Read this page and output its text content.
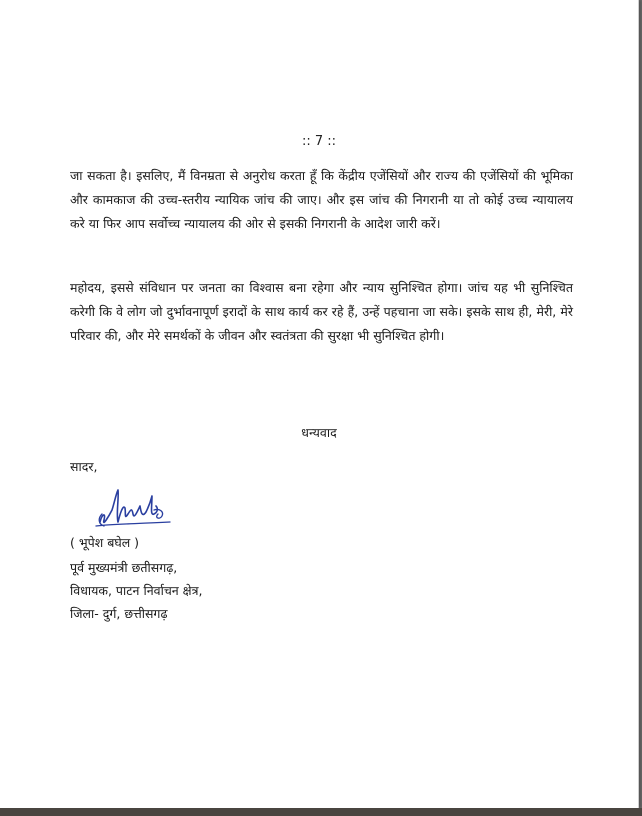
:: 7 ::

जा सकता है। इसलिए, मैं विनम्रता से अनुरोध करता हूँ कि केंद्रीय एजेंसियों और राज्य की एजेंसियों की भूमिका और कामकाज की उच्च-स्तरीय न्यायिक जांच की जाए। और इस जांच की निगरानी या तो कोई उच्च न्यायालय करे या फिर आप सर्वोच्च न्यायालय की ओर से इसकी निगरानी के आदेश जारी करें।

महोदय, इससे संविधान पर जनता का विश्वास बना रहेगा और न्याय सुनिश्चित होगा। जांच यह भी सुनिश्चित करेगी कि वे लोग जो दुर्भावनापूर्ण इरादों के साथ कार्य कर रहे हैं, उन्हें पहचाना जा सके। इसके साथ ही, मेरी, मेरे परिवार की, और मेरे समर्थकों के जीवन और स्वतंत्रता की सुरक्षा भी सुनिश्चित होगी।

धन्यवाद
सादर,
( भूपेश बघेल )
पूर्व मुख्यमंत्री छतीसगढ़,
विधायक, पाटन निर्वाचन क्षेत्र,
जिला- दुर्ग, छत्तीसगढ़
